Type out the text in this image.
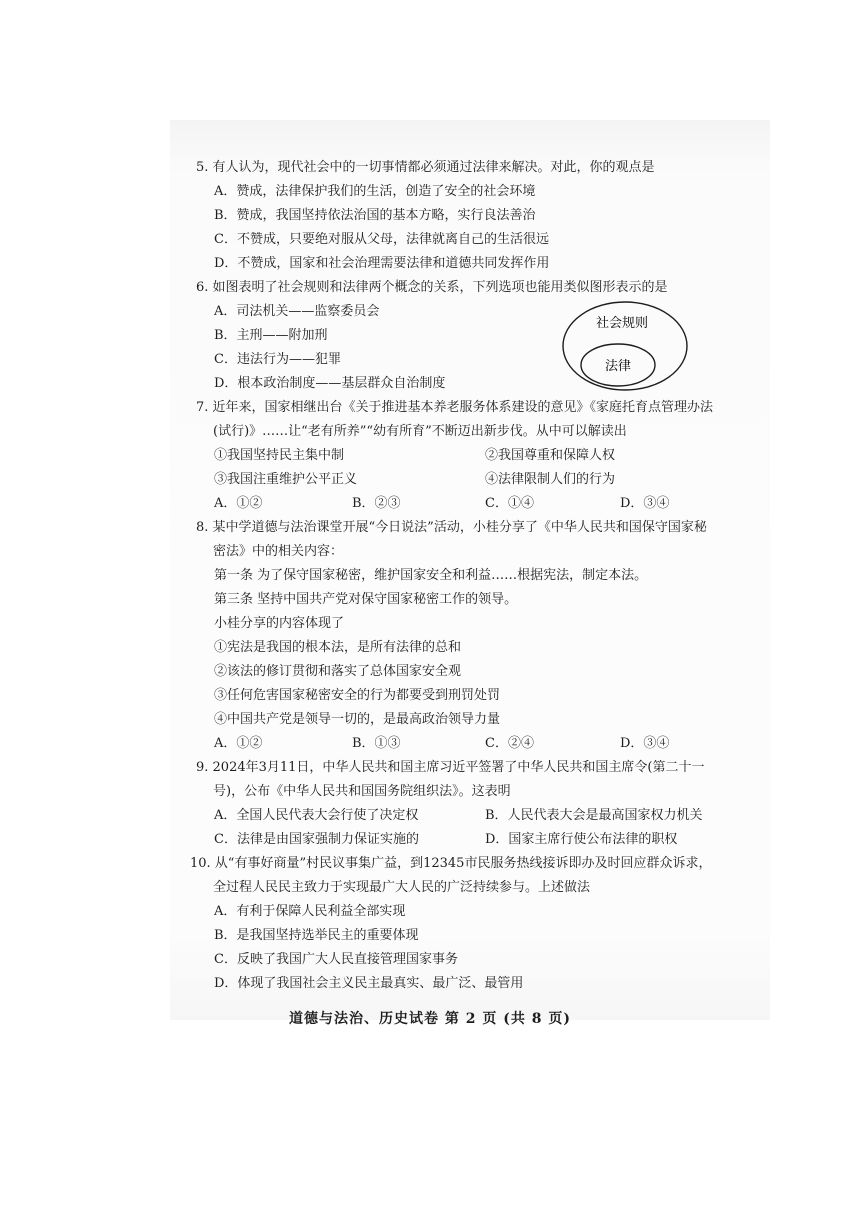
5. 有人认为，现代社会中的一切事情都必须通过法律来解决。对此，你的观点是
A．赞成，法律保护我们的生活，创造了安全的社会环境
B．赞成，我国坚持依法治国的基本方略，实行良法善治
C．不赞成，只要绝对服从父母，法律就离自己的生活很远
D．不赞成，国家和社会治理需要法律和道德共同发挥作用
6. 如图表明了社会规则和法律两个概念的关系，下列选项也能用类似图形表示的是
A．司法机关——监察委员会
B．主刑——附加刑
C．违法行为——犯罪
D．根本政治制度——基层群众自治制度
社会规则
法律
7. 近年来，国家相继出台《关于推进基本养老服务体系建设的意见》《家庭托育点管理办法
(试行)》……让“老有所养”“幼有所育”不断迈出新步伐。从中可以解读出
①我国坚持民主集中制	②我国尊重和保障人权
③我国注重维护公平正义	④法律限制人们的行为
A．①②	B．②③	C．①④	D．③④
8. 某中学道德与法治课堂开展“今日说法”活动，小桂分享了《中华人民共和国保守国家秘
密法》中的相关内容：
第一条 为了保守国家秘密，维护国家安全和利益……根据宪法，制定本法。
第三条 坚持中国共产党对保守国家秘密工作的领导。
小桂分享的内容体现了
①宪法是我国的根本法，是所有法律的总和
②该法的修订贯彻和落实了总体国家安全观
③任何危害国家秘密安全的行为都要受到刑罚处罚
④中国共产党是领导一切的，是最高政治领导力量
A．①②	B．①③	C．②④	D．③④
9. 2024年3月11日，中华人民共和国主席习近平签署了中华人民共和国主席令(第二十一
号)，公布《中华人民共和国国务院组织法》。这表明
A．全国人民代表大会行使了决定权	B．人民代表大会是最高国家权力机关
C．法律是由国家强制力保证实施的	D．国家主席行使公布法律的职权
10. 从“有事好商量”村民议事集广益，到12345市民服务热线接诉即办及时回应群众诉求，
全过程人民民主致力于实现最广大人民的广泛持续参与。上述做法
A．有利于保障人民利益全部实现
B．是我国坚持选举民主的重要体现
C．反映了我国广大人民直接管理国家事务
D．体现了我国社会主义民主最真实、最广泛、最管用
道德与法治、历史试卷 第 2 页 (共 8 页)
